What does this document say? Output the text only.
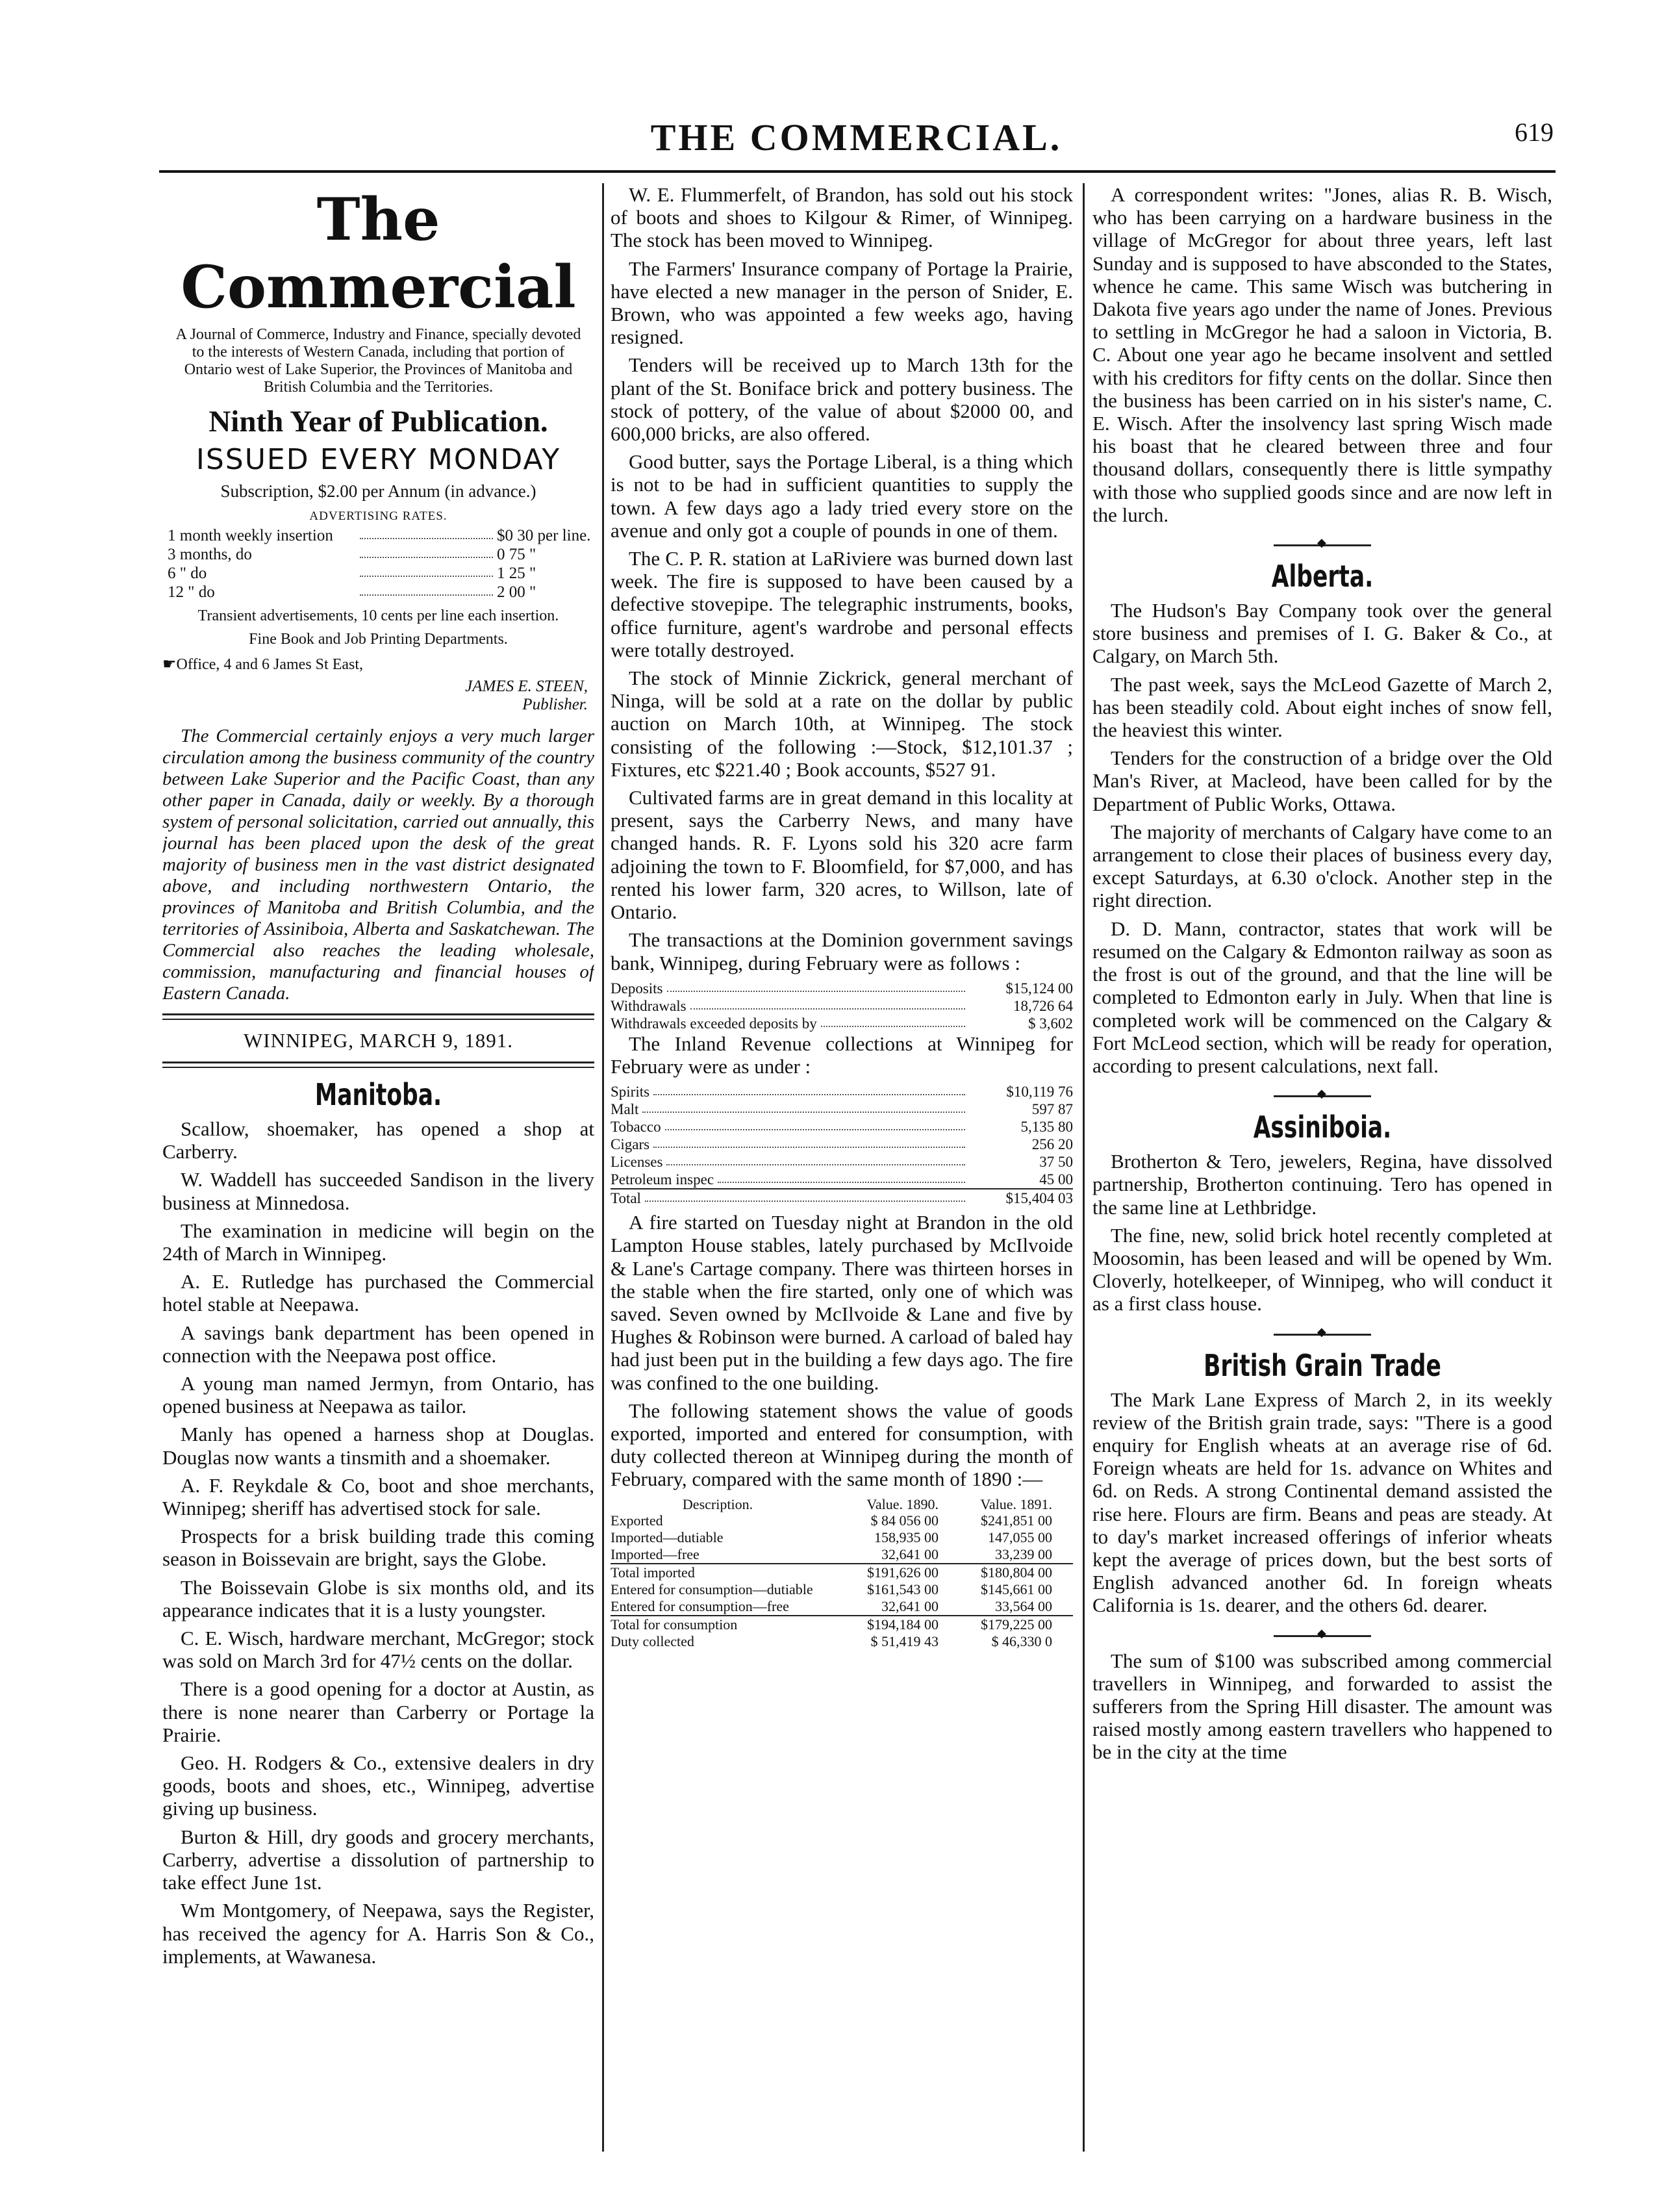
THE COMMERCIAL.	619
The Commercial
A Journal of Commerce, Industry and Finance, specially devoted to the interests of Western Canada, including that portion of Ontario west of Lake Superior, the Provinces of Manitoba and British Columbia and the Territories.
Ninth Year of Publication.
ISSUED EVERY MONDAY
Subscription, $2.00 per Annum (in advance.)
ADVERTISING RATES.
1 month weekly insertion	$0 30 per line.
3 months, do	0 75 "
6 " do	1 25 "
12 " do	2 00 "
Transient advertisements, 10 cents per line each insertion.
Fine Book and Job Printing Departments.
☛Office, 4 and 6 James St East,
JAMES E. STEEN,
Publisher.
The Commercial certainly enjoys a very much larger circulation among the business community of the country between Lake Superior and the Pacific Coast, than any other paper in Canada, daily or weekly. By a thorough system of personal solicitation, carried out annually, this journal has been placed upon the desk of the great majority of business men in the vast district designated above, and including northwestern Ontario, the provinces of Manitoba and British Columbia, and the territories of Assiniboia, Alberta and Saskatchewan. The Commercial also reaches the leading wholesale, commission, manufacturing and financial houses of Eastern Canada.
WINNIPEG, MARCH 9, 1891.
Manitoba.

Scallow, shoemaker, has opened a shop at Carberry.

W. Waddell has succeeded Sandison in the livery business at Minnedosa.

The examination in medicine will begin on the 24th of March in Winnipeg.

A. E. Rutledge has purchased the Commercial hotel stable at Neepawa.

A savings bank department has been opened in connection with the Neepawa post office.

A young man named Jermyn, from Ontario, has opened business at Neepawa as tailor.

Manly has opened a harness shop at Douglas. Douglas now wants a tinsmith and a shoemaker.

A. F. Reykdale & Co, boot and shoe merchants, Winnipeg; sheriff has advertised stock for sale.

Prospects for a brisk building trade this coming season in Boissevain are bright, says the Globe.

The Boissevain Globe is six months old, and its appearance indicates that it is a lusty youngster.

C. E. Wisch, hardware merchant, McGregor; stock was sold on March 3rd for 47½ cents on the dollar.

There is a good opening for a doctor at Austin, as there is none nearer than Carberry or Portage la Prairie.

Geo. H. Rodgers & Co., extensive dealers in dry goods, boots and shoes, etc., Winnipeg, advertise giving up business.

Burton & Hill, dry goods and grocery merchants, Carberry, advertise a dissolution of partnership to take effect June 1st.

Wm Montgomery, of Neepawa, says the Register, has received the agency for A. Harris Son & Co., implements, at Wawanesa.

W. E. Flummerfelt, of Brandon, has sold out his stock of boots and shoes to Kilgour & Rimer, of Winnipeg. The stock has been moved to Winnipeg.

The Farmers' Insurance company of Portage la Prairie, have elected a new manager in the person of Snider, E. Brown, who was appointed a few weeks ago, having resigned.

Tenders will be received up to March 13th for the plant of the St. Boniface brick and pottery business. The stock of pottery, of the value of about $2000 00, and 600,000 bricks, are also offered.

Good butter, says the Portage Liberal, is a thing which is not to be had in sufficient quantities to supply the town. A few days ago a lady tried every store on the avenue and only got a couple of pounds in one of them.

The C. P. R. station at LaRiviere was burned down last week. The fire is supposed to have been caused by a defective stovepipe. The telegraphic instruments, books, office furniture, agent's wardrobe and personal effects were totally destroyed.

The stock of Minnie Zickrick, general merchant of Ninga, will be sold at a rate on the dollar by public auction on March 10th, at Winnipeg. The stock consisting of the following :—Stock, $12,101.37 ; Fixtures, etc $221.40 ; Book accounts, $527 91.

Cultivated farms are in great demand in this locality at present, says the Carberry News, and many have changed hands. R. F. Lyons sold his 320 acre farm adjoining the town to F. Bloomfield, for $7,000, and has rented his lower farm, 320 acres, to Willson, late of Ontario.

The transactions at the Dominion government savings bank, Winnipeg, during February were as follows :

Deposits	$15,124 00
Withdrawals	18,726 64
Withdrawals exceeded deposits by	$ 3,602

The Inland Revenue collections at Winnipeg for February were as under :

Spirits	$10,119 76
Malt	597 87
Tobacco	5,135 80
Cigars	256 20
Licenses	37 50
Petroleum inspec	45 00
Total	$15,404 03

A fire started on Tuesday night at Brandon in the old Lampton House stables, lately purchased by McIlvoide & Lane's Cartage company. There was thirteen horses in the stable when the fire started, only one of which was saved. Seven owned by McIlvoide & Lane and five by Hughes & Robinson were burned. A carload of baled hay had just been put in the building a few days ago. The fire was confined to the one building.

The following statement shows the value of goods exported, imported and entered for consumption, with duty collected thereon at Winnipeg during the month of February, compared with the same month of 1890 :—

Description.	Value. 1890.	Value. 1891.
Exported	$ 84 056 00	$241,851 00
Imported—dutiable	158,935 00	147,055 00
Imported—free	32,641 00	33,239 00
Total imported	$191,626 00	$180,804 00
Entered for consumption—dutiable	$161,543 00	$145,661 00
Entered for consumption—free	32,641 00	33,564 00
Total for consumption	$194,184 00	$179,225 00
Duty collected	$ 51,419 43	$ 46,330 0

A correspondent writes: "Jones, alias R. B. Wisch, who has been carrying on a hardware business in the village of McGregor for about three years, left last Sunday and is supposed to have absconded to the States, whence he came. This same Wisch was butchering in Dakota five years ago under the name of Jones. Previous to settling in McGregor he had a saloon in Victoria, B. C. About one year ago he became insolvent and settled with his creditors for fifty cents on the dollar. Since then the business has been carried on in his sister's name, C. E. Wisch. After the insolvency last spring Wisch made his boast that he cleared between three and four thousand dollars, consequently there is little sympathy with those who supplied goods since and are now left in the lurch.

◆
Alberta.

The Hudson's Bay Company took over the general store business and premises of I. G. Baker & Co., at Calgary, on March 5th.

The past week, says the McLeod Gazette of March 2, has been steadily cold. About eight inches of snow fell, the heaviest this winter.

Tenders for the construction of a bridge over the Old Man's River, at Macleod, have been called for by the Department of Public Works, Ottawa.

The majority of merchants of Calgary have come to an arrangement to close their places of business every day, except Saturdays, at 6.30 o'clock. Another step in the right direction.

D. D. Mann, contractor, states that work will be resumed on the Calgary & Edmonton railway as soon as the frost is out of the ground, and that the line will be completed to Edmonton early in July. When that line is completed work will be commenced on the Calgary & Fort McLeod section, which will be ready for operation, according to present calculations, next fall.

◆
Assiniboia.

Brotherton & Tero, jewelers, Regina, have dissolved partnership, Brotherton continuing. Tero has opened in the same line at Lethbridge.

The fine, new, solid brick hotel recently completed at Moosomin, has been leased and will be opened by Wm. Cloverly, hotelkeeper, of Winnipeg, who will conduct it as a first class house.

◆
British Grain Trade

The Mark Lane Express of March 2, in its weekly review of the British grain trade, says: "There is a good enquiry for English wheats at an average rise of 6d. Foreign wheats are held for 1s. advance on Whites and 6d. on Reds. A strong Continental demand assisted the rise here. Flours are firm. Beans and peas are steady. At to day's market increased offerings of inferior wheats kept the average of prices down, but the best sorts of English advanced another 6d. In foreign wheats California is 1s. dearer, and the others 6d. dearer.

◆

The sum of $100 was subscribed among commercial travellers in Winnipeg, and forwarded to assist the sufferers from the Spring Hill disaster. The amount was raised mostly among eastern travellers who happened to be in the city at the time
